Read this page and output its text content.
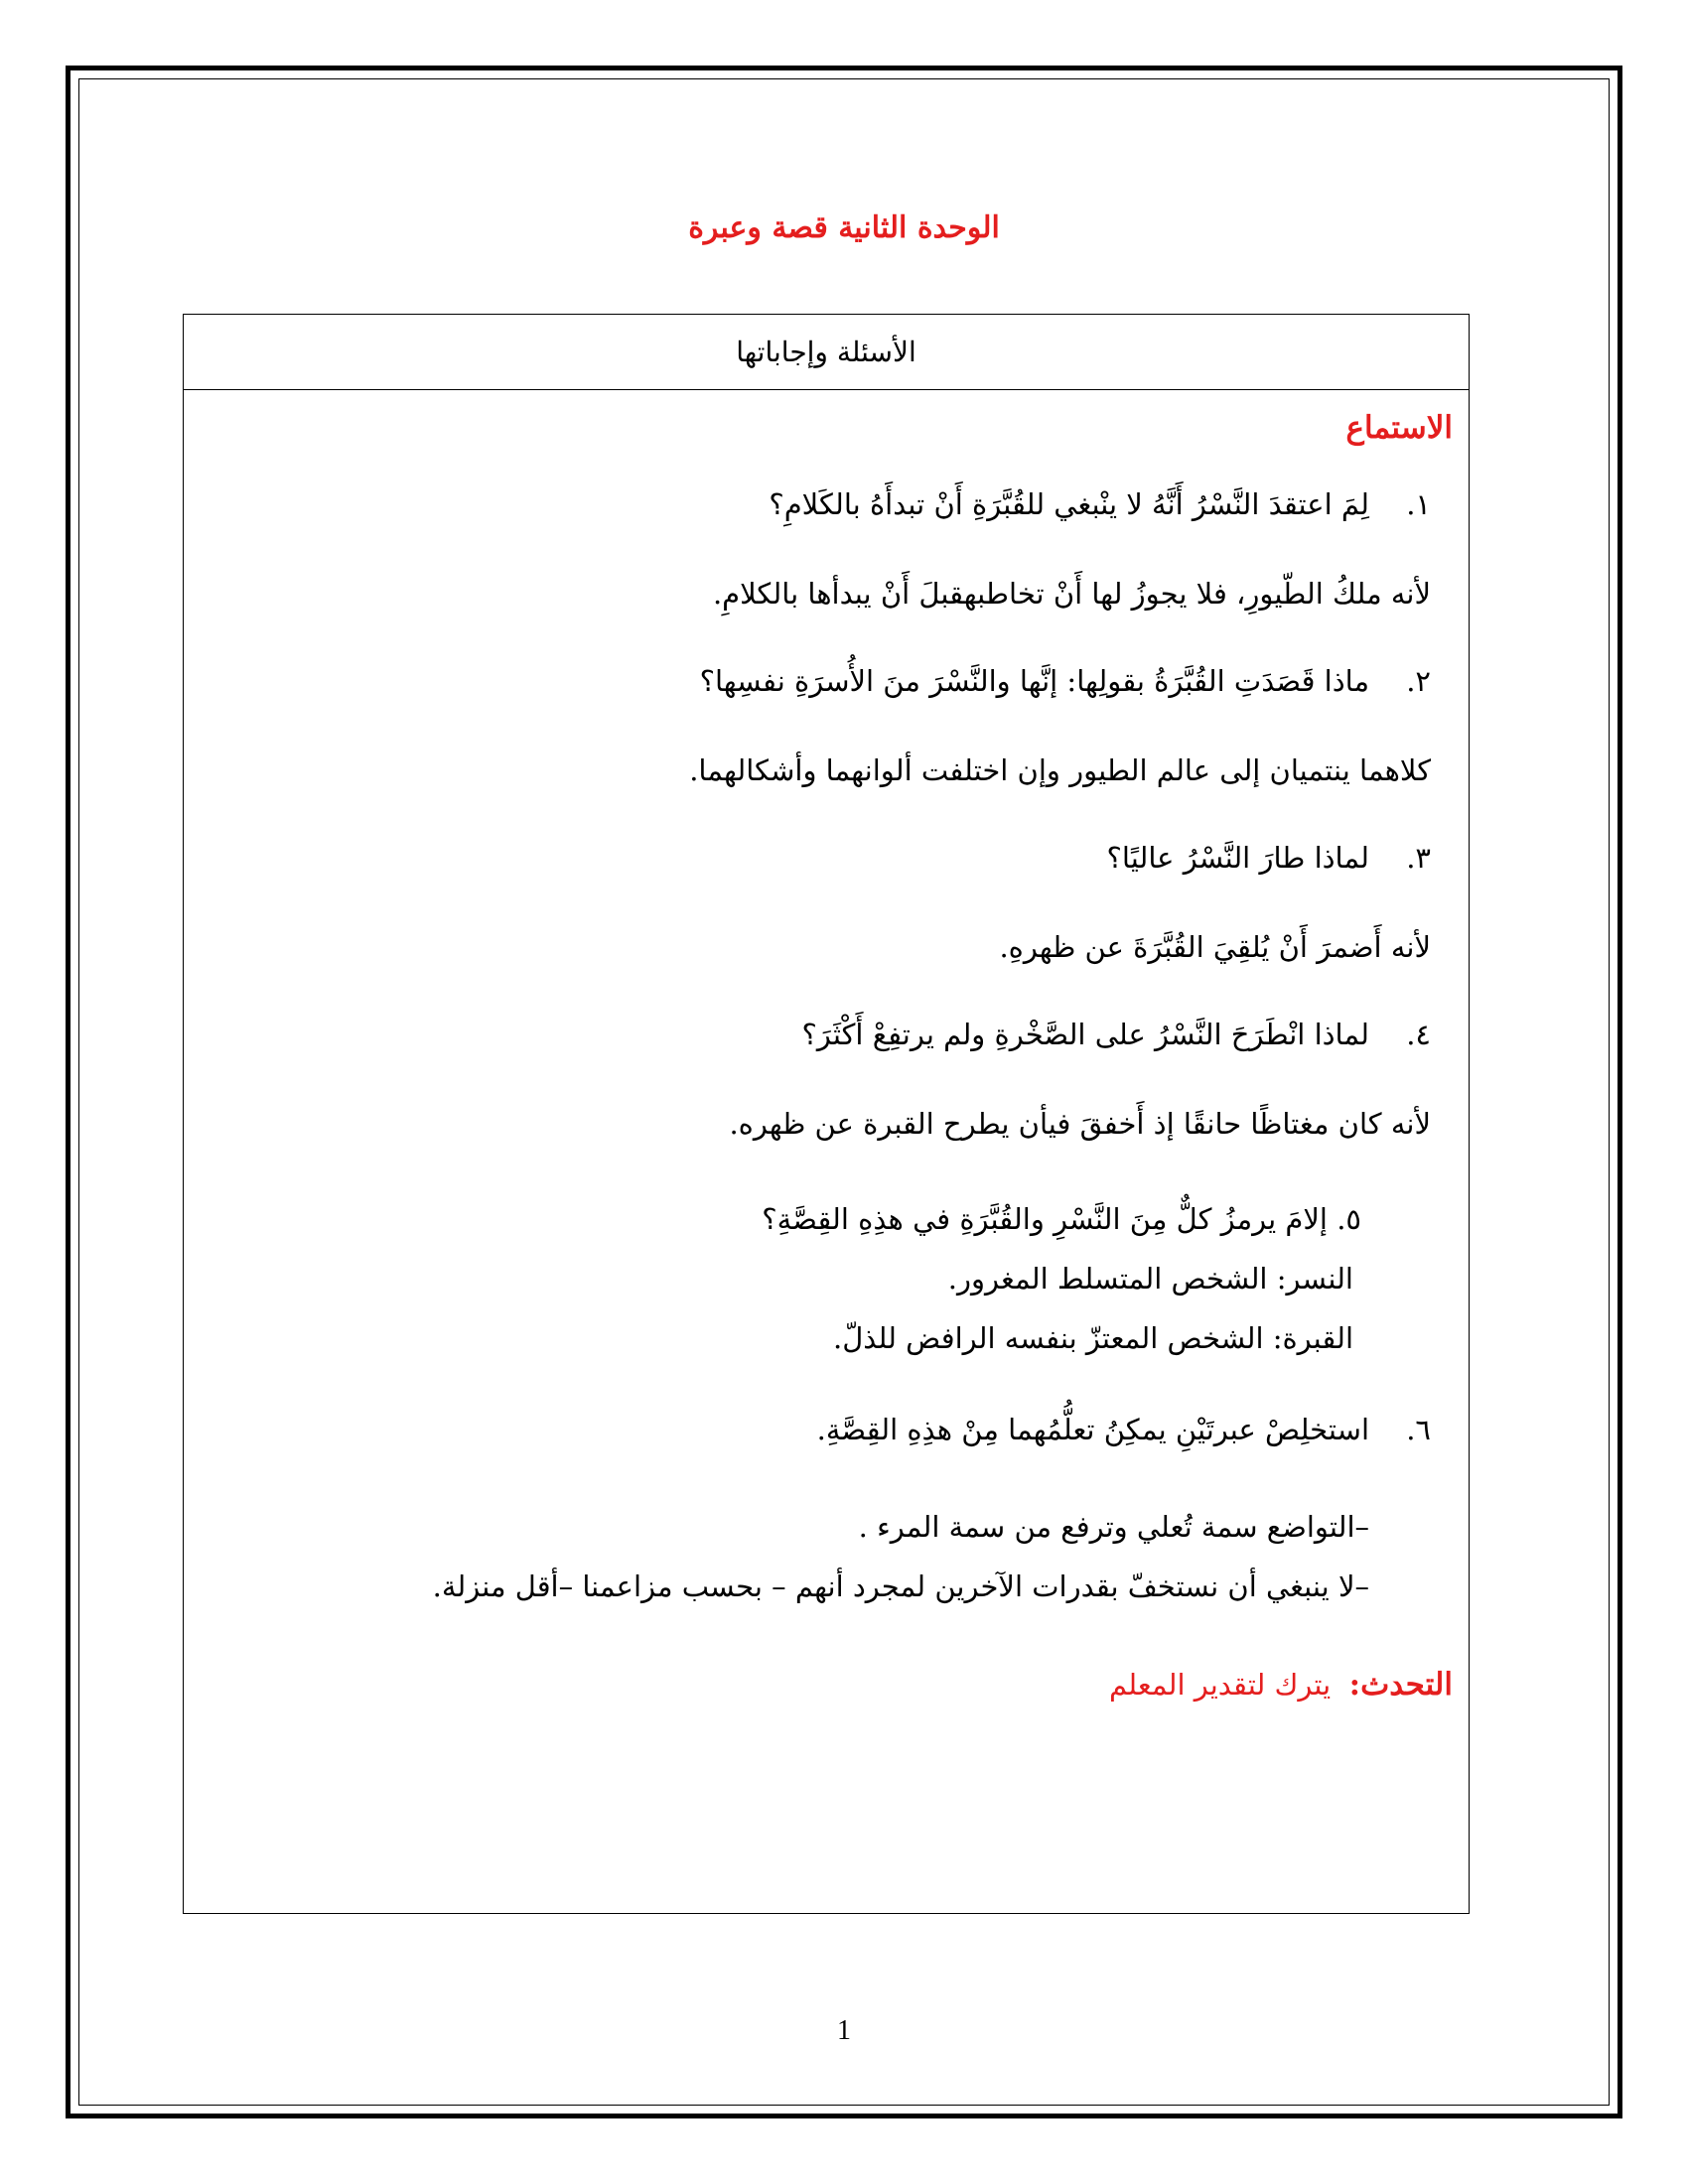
الوحدة الثانية قصة وعبرة
الأسئلة وإجاباتها
الاستماع
١.لِمَ اعتقدَ النَّسْرُ أَنَّهُ لا ينْبغي للقُبَّرَةِ أَنْ تبدأَهُ بالكَلامِ؟
لأنه ملكُ الطّيورِ، فلا يجوزُ لها أَنْ تخاطبهقبلَ أَنْ يبدأها بالكلامِ.
٢.ماذا قَصَدَتِ القُبَّرَةُ بقولِها: إنَّها والنَّسْرَ منَ الأُسرَةِ نفسِها؟
كلاهما ينتميان إلى عالم الطيور وإن اختلفت ألوانهما وأشكالهما.
٣.لماذا طارَ النَّسْرُ عاليًا؟
لأنه أَضمرَ أَنْ يُلقِيَ القُبَّرَةَ عن ظهرهِ.
٤.لماذا انْطَرَحَ النَّسْرُ على الصَّخْرةِ ولم يرتفِعْ أَكْثَرَ؟
لأنه كان مغتاظًا حانقًا إذ أَخفقَ فيأن يطرح القبرة عن ظهره.
٥. إلامَ يرمزُ كلٌّ مِنَ النَّسْرِ والقُبَّرَةِ في هذِهِ القِصَّةِ؟
النسر: الشخص المتسلط المغرور.
القبرة: الشخص المعتزّ بنفسه الرافض للذلّ.
٦.استخلِصْ عبرتَيْنِ يمكِنُ تعلُّمُهما مِنْ هذِهِ القِصَّةِ.
–التواضع سمة تُعلي وترفع من سمة المرء .
–لا ينبغي أن نستخفّ بقدرات الآخرين لمجرد أنهم – بحسب مزاعمنا –أقل منزلة.
التحدث:  يترك لتقدير المعلم
1
